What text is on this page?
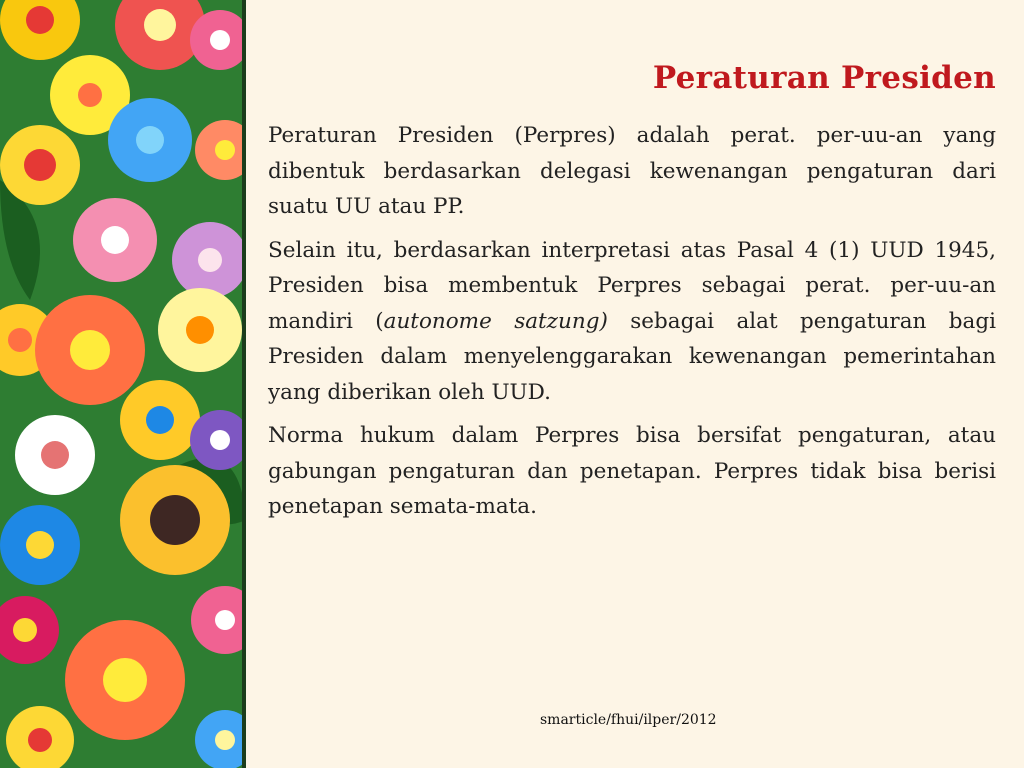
Peraturan Presiden

Peraturan Presiden (Perpres) adalah perat. per-uu-an yang dibentuk berdasarkan delegasi kewenangan pengaturan dari suatu UU atau PP.

Selain itu, berdasarkan interpretasi atas Pasal 4 (1) UUD 1945, Presiden bisa membentuk Perpres sebagai perat. per-uu-an mandiri (autonome satzung) sebagai alat pengaturan bagi Presiden dalam menyelenggarakan kewenangan pemerintahan yang diberikan oleh UUD.

Norma hukum dalam Perpres bisa bersifat pengaturan, atau gabungan pengaturan dan penetapan. Perpres tidak bisa berisi penetapan semata-mata.

smarticle/fhui/ilper/2012
